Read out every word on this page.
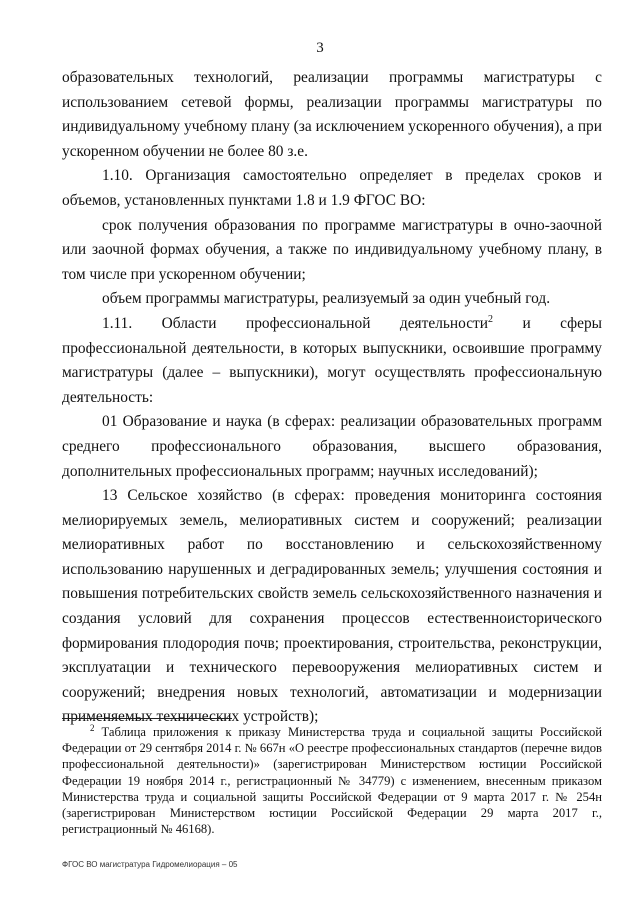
3

образовательных технологий, реализации программы магистратуры с использованием сетевой формы, реализации программы магистратуры по индивидуальному учебному плану (за исключением ускоренного обучения), а при ускоренном обучении не более 80 з.е.

1.10. Организация самостоятельно определяет в пределах сроков и объемов, установленных пунктами 1.8 и 1.9 ФГОС ВО:

срок получения образования по программе магистратуры в очно-заочной или заочной формах обучения, а также по индивидуальному учебному плану, в том числе при ускоренном обучении;

объем программы магистратуры, реализуемый за один учебный год.

1.11. Области профессиональной деятельности$^2$ и сферы профессиональной деятельности, в которых выпускники, освоившие программу магистратуры (далее – выпускники), могут осуществлять профессиональную деятельность:

01 Образование и наука (в сферах: реализации образовательных программ среднего профессионального образования, высшего образования, дополнительных профессиональных программ; научных исследований);

13 Сельское хозяйство (в сферах: проведения мониторинга состояния мелиорируемых земель, мелиоративных систем и сооружений; реализации мелиоративных работ по восстановлению и сельскохозяйственному использованию нарушенных и деградированных земель; улучшения состояния и повышения потребительских свойств земель сельскохозяйственного назначения и создания условий для сохранения процессов естественноисторического формирования плодородия почв; проектирования, строительства, реконструкции, эксплуатации и технического перевооружения мелиоративных систем и сооружений; внедрения новых технологий, автоматизации и модернизации применяемых технических устройств);

$^2$ Таблица приложения к приказу Министерства труда и социальной защиты Российской Федерации от 29 сентября 2014 г. № 667н «О реестре профессиональных стандартов (перечне видов профессиональной деятельности)» (зарегистрирован Министерством юстиции Российской Федерации 19 ноября 2014 г., регистрационный № 34779) с изменением, внесенным приказом Министерства труда и социальной защиты Российской Федерации от 9 марта 2017 г. № 254н (зарегистрирован Министерством юстиции Российской Федерации 29 марта 2017 г., регистрационный № 46168).

ФГОС ВО магистратура Гидромелиорация – 05
